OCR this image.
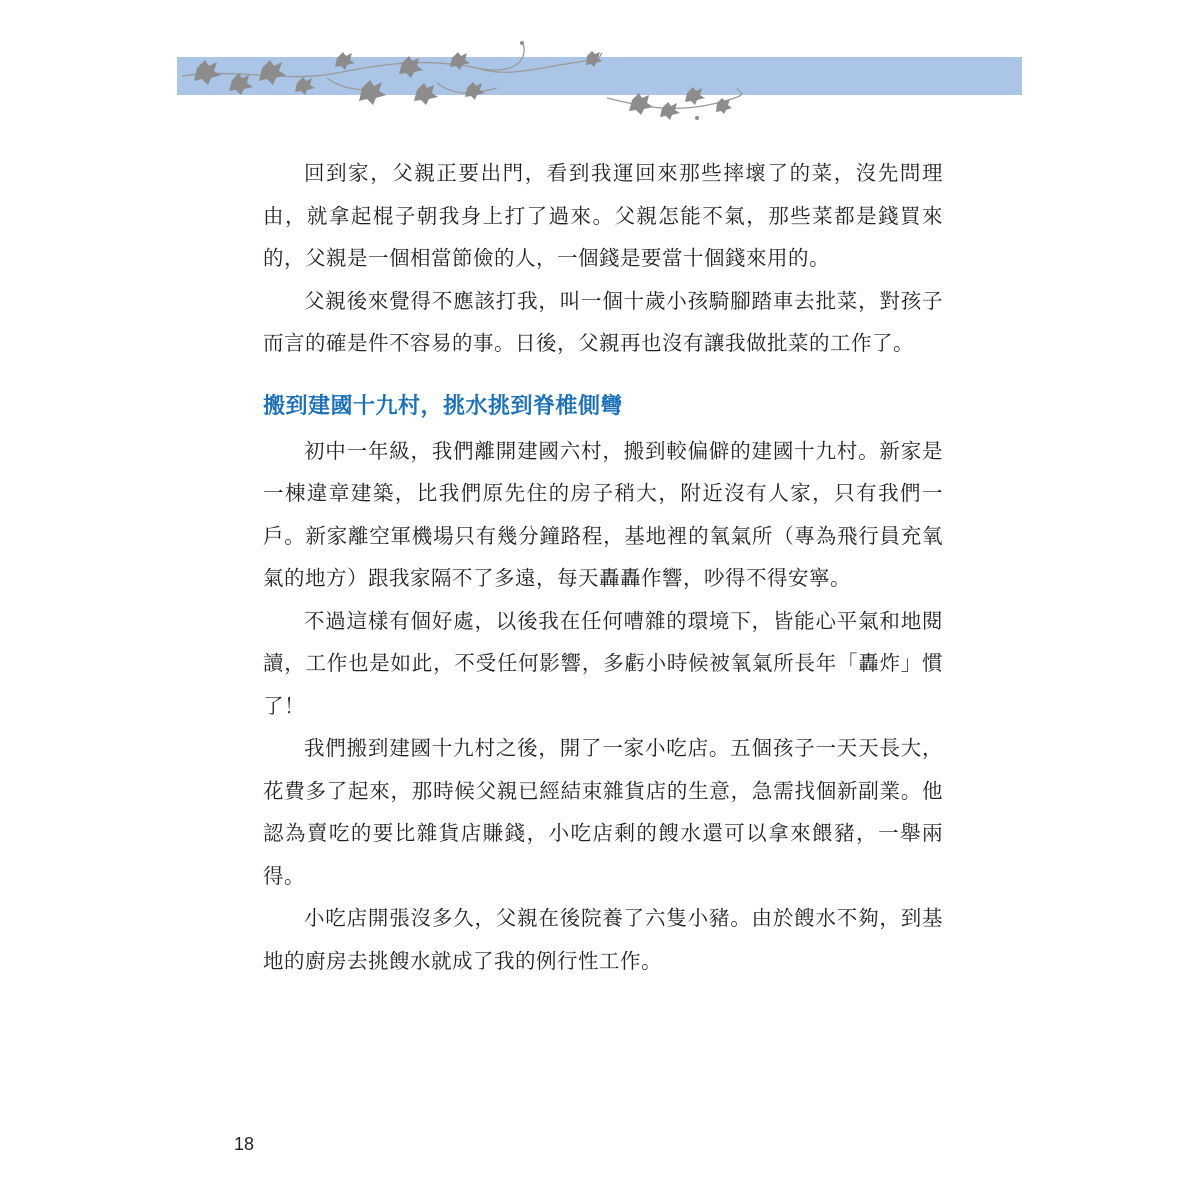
回到家，父親正要出門，看到我運回來那些摔壞了的菜，沒先問理由，就拿起棍子朝我身上打了過來。父親怎能不氣，那些菜都是錢買來的，父親是一個相當節儉的人，一個錢是要當十個錢來用的。

父親後來覺得不應該打我，叫一個十歲小孩騎腳踏車去批菜，對孩子而言的確是件不容易的事。日後，父親再也沒有讓我做批菜的工作了。

搬到建國十九村，挑水挑到脊椎側彎

初中一年級，我們離開建國六村，搬到較偏僻的建國十九村。新家是一棟違章建築，比我們原先住的房子稍大，附近沒有人家，只有我們一戶。新家離空軍機場只有幾分鐘路程，基地裡的氧氣所（專為飛行員充氧氣的地方）跟我家隔不了多遠，每天轟轟作響，吵得不得安寧。

不過這樣有個好處，以後我在任何嘈雜的環境下，皆能心平氣和地閱讀，工作也是如此，不受任何影響，多虧小時候被氧氣所長年「轟炸」慣了！

我們搬到建國十九村之後，開了一家小吃店。五個孩子一天天長大，花費多了起來，那時候父親已經結束雜貨店的生意，急需找個新副業。他認為賣吃的要比雜貨店賺錢，小吃店剩的餿水還可以拿來餵豬，一舉兩得。

小吃店開張沒多久，父親在後院養了六隻小豬。由於餿水不夠，到基地的廚房去挑餿水就成了我的例行性工作。

18
